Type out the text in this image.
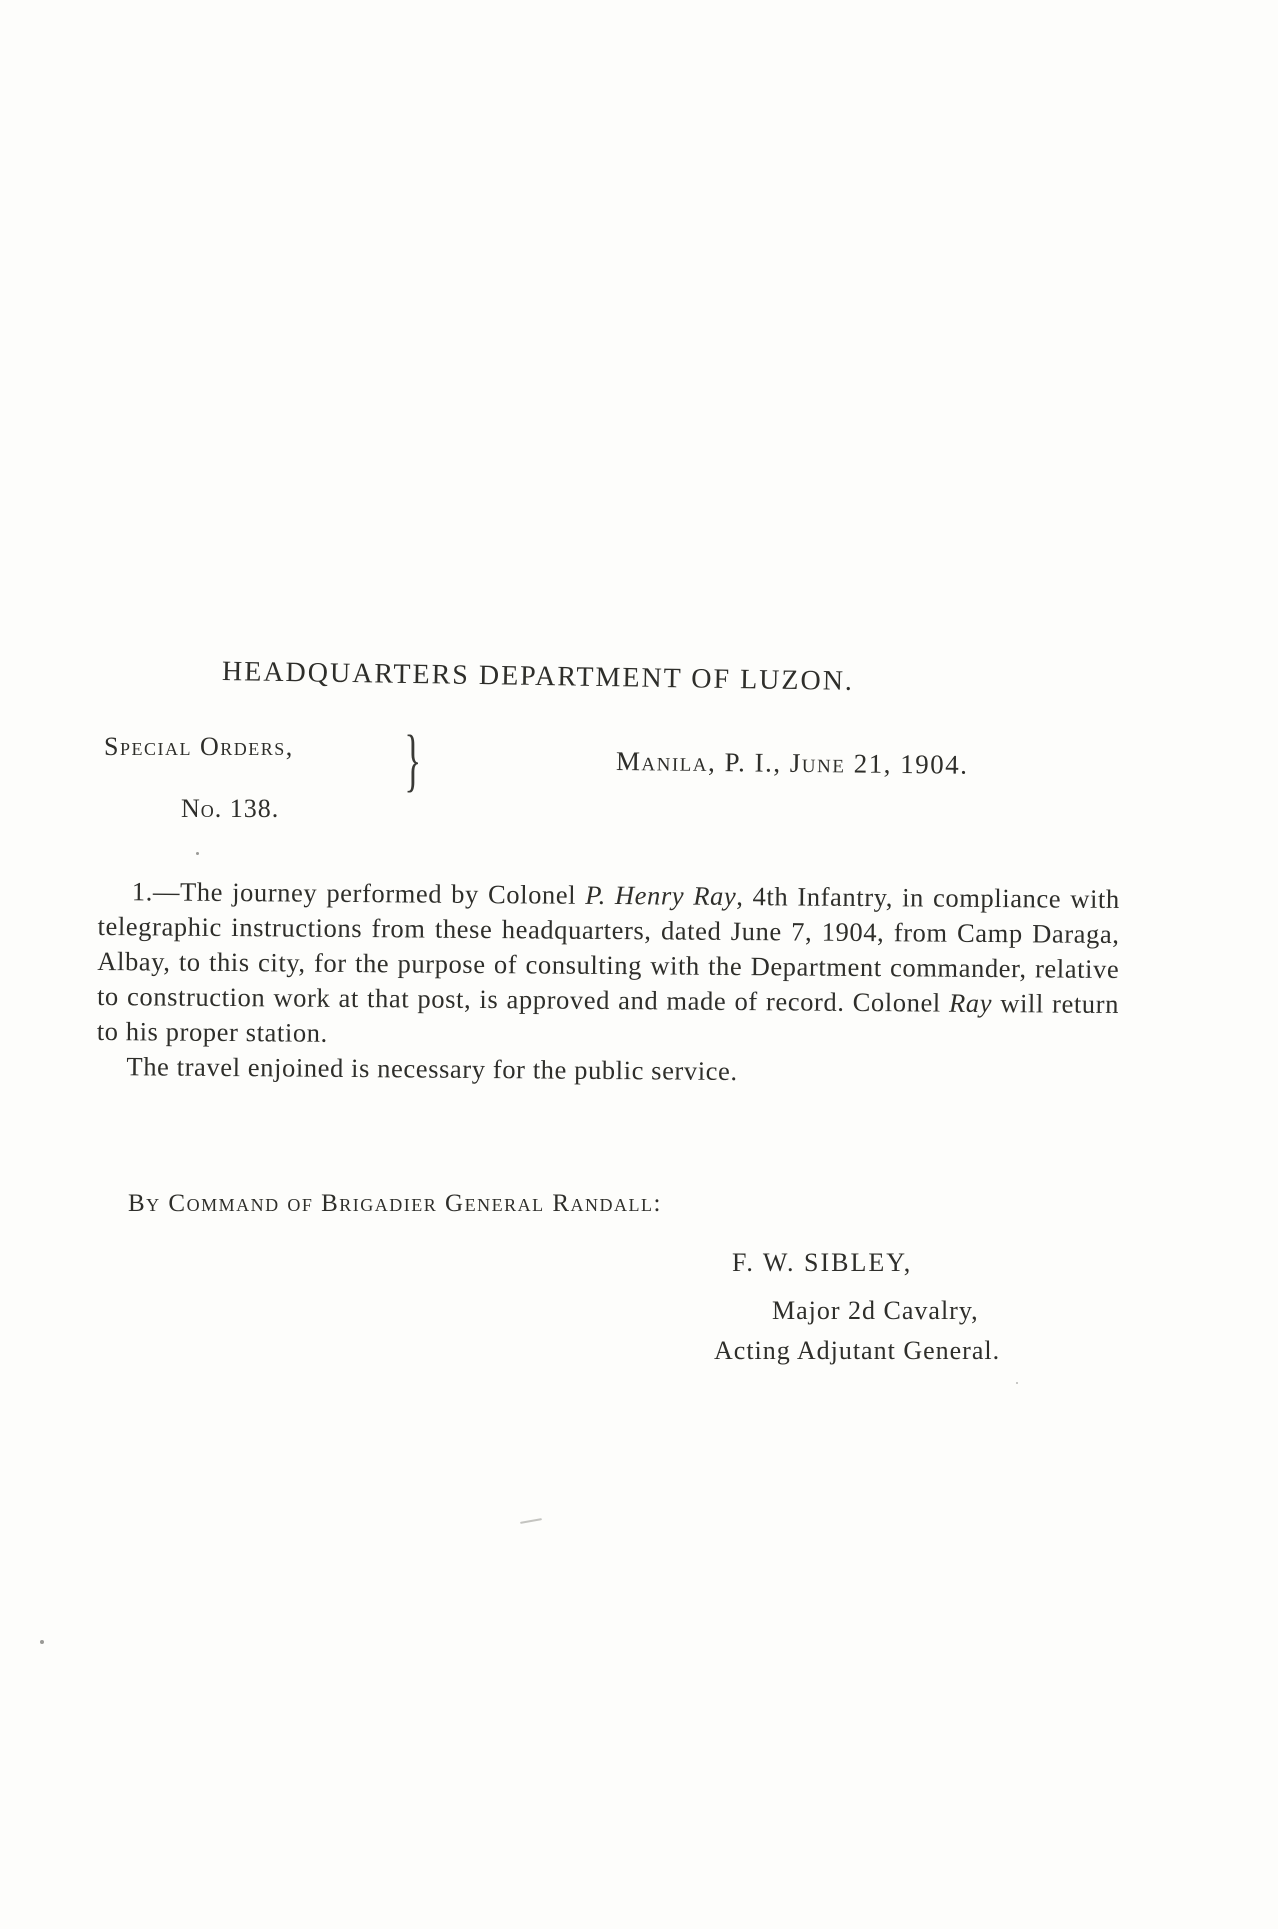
HEADQUARTERS DEPARTMENT OF LUZON.
Special Orders,
No. 138.
}	Manila, P. I., June 21, 1904.

1.—The journey performed by Colonel P. Henry Ray, 4th Infantry, in compliance with telegraphic instructions from these headquarters, dated June 7, 1904, from Camp Daraga, Albay, to this city, for the purpose of consulting with the Department commander, relative to construction work at that post, is approved and made of record. Colonel Ray will return to his proper station.

The travel enjoined is necessary for the public service.

By Command of Brigadier General Randall:
F. W. SIBLEY,
Major 2d Cavalry,
Acting Adjutant General.
